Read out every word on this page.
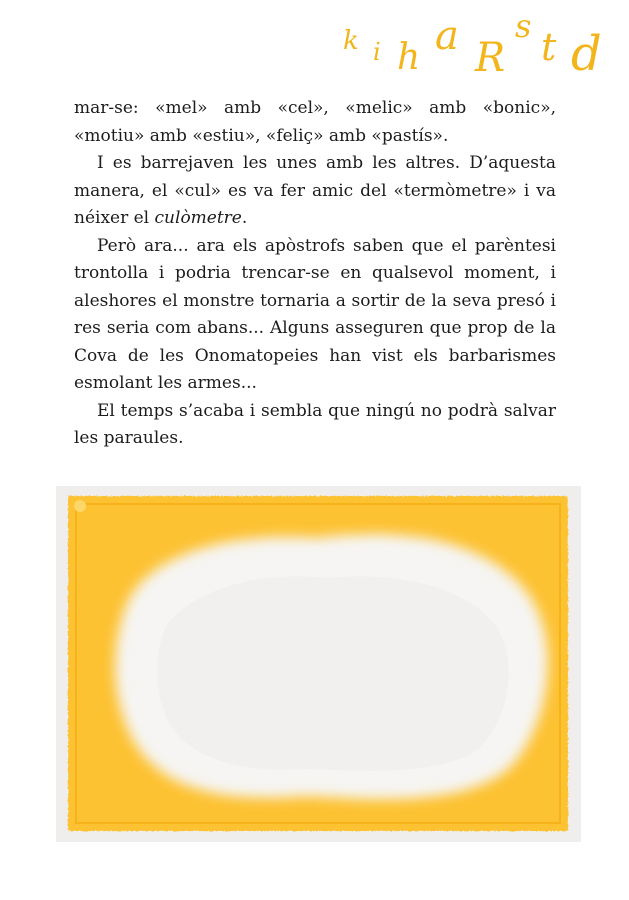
k i h a R
s t d

mar-se: «mel» amb «cel», «melic» amb «bonic», «motiu» amb «estiu», «feliç» amb «pastís».

I es barrejaven les unes amb les altres. D’aquesta manera, el «cul» es va fer amic del «termòmetre» i va néixer el culòmetre.

Però ara... ara els apòstrofs saben que el parèntesi trontolla i podria trencar-se en qualsevol moment, i aleshores el monstre tornaria a sortir de la seva presó i res seria com abans... Alguns asseguren que prop de la Cova de les Onomatopeies han vist els barbarismes esmolant les armes...

El temps s’acaba i sembla que ningú no podrà salvar les paraules.
